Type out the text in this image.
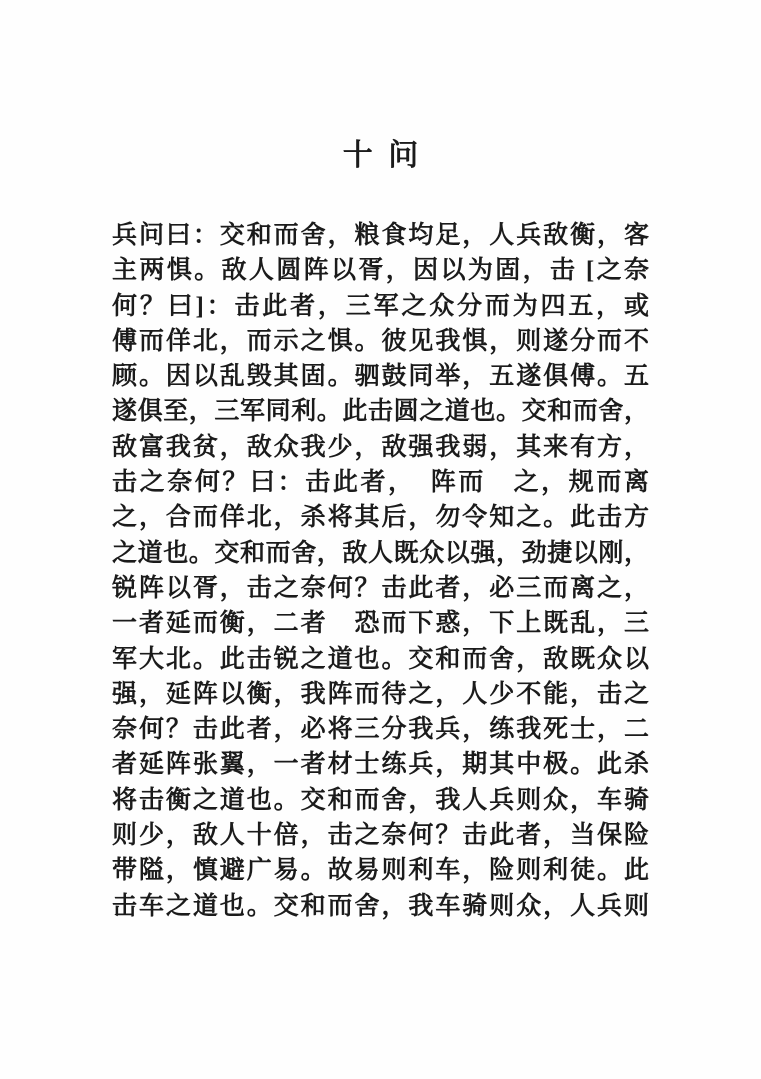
十问
兵问曰：交和而舍，粮食均足，人兵敌衡，客
主两惧。敌人圆阵以胥，因以为固，击 [之奈
何？曰]：击此者，三军之众分而为四五，或
傅而佯北，而示之惧。彼见我惧，则遂分而不
顾。因以乱毁其固。驷鼓同举，五遂俱傅。五
遂俱至，三军同利。此击圆之道也。交和而舍，
敌富我贫，敌众我少，敌强我弱，其来有方，
击之奈何？曰：击此者，　阵而　之，规而离
之，合而佯北，杀将其后，勿令知之。此击方
之道也。交和而舍，敌人既众以强，劲捷以刚，
锐阵以胥，击之奈何？击此者，必三而离之，
一者延而衡，二者　恐而下惑，下上既乱，三
军大北。此击锐之道也。交和而舍，敌既众以
强，延阵以衡，我阵而待之，人少不能，击之
奈何？击此者，必将三分我兵，练我死士，二
者延阵张翼，一者材士练兵，期其中极。此杀
将击衡之道也。交和而舍，我人兵则众，车骑
则少，敌人十倍，击之奈何？击此者，当保险
带隘，慎避广易。故易则利车，险则利徒。此
击车之道也。交和而舍，我车骑则众，人兵则
